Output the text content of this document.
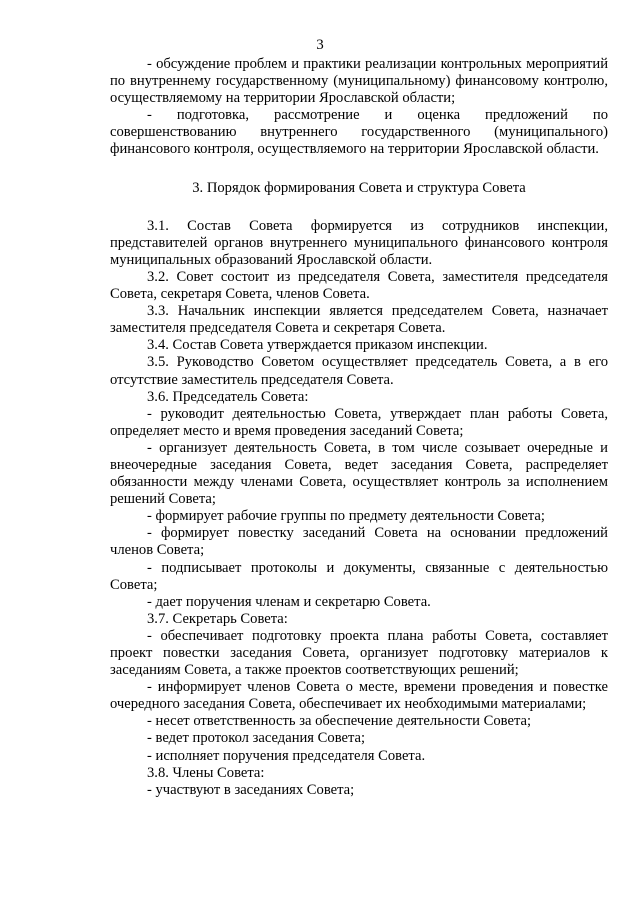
3

- обсуждение проблем и практики реализации контрольных мероприятий по внутреннему государственному (муниципальному) финансовому контролю, осуществляемому на территории Ярославской области;

- подготовка, рассмотрение и оценка предложений по совершенствованию внутреннего государственного (муниципального) финансового контроля, осуществляемого на территории Ярославской области.

3. Порядок формирования Совета и структура Совета

3.1. Состав Совета формируется из сотрудников инспекции, представителей органов внутреннего муниципального финансового контроля муниципальных образований Ярославской области.

3.2. Совет состоит из председателя Совета, заместителя председателя Совета, секретаря Совета, членов Совета.

3.3. Начальник инспекции является председателем Совета, назначает заместителя председателя Совета и секретаря Совета.

3.4. Состав Совета утверждается приказом инспекции.

3.5. Руководство Советом осуществляет председатель Совета, а в его отсутствие заместитель председателя Совета.

3.6. Председатель Совета:

- руководит деятельностью Совета, утверждает план работы Совета, определяет место и время проведения заседаний Совета;

- организует деятельность Совета, в том числе созывает очередные и внеочередные заседания Совета, ведет заседания Совета, распределяет обязанности между членами Совета, осуществляет контроль за исполнением решений Совета;

- формирует рабочие группы по предмету деятельности Совета;

- формирует повестку заседаний Совета на основании предложений членов Совета;

- подписывает протоколы и документы, связанные с деятельностью Совета;

- дает поручения членам и секретарю Совета.

3.7. Секретарь Совета:

- обеспечивает подготовку проекта плана работы Совета, составляет проект повестки заседания Совета, организует подготовку материалов к заседаниям Совета, а также проектов соответствующих решений;

- информирует членов Совета о месте, времени проведения и повестке очередного заседания Совета, обеспечивает их необходимыми материалами;

- несет ответственность за обеспечение деятельности Совета;

- ведет протокол заседания Совета;

- исполняет поручения председателя Совета.

3.8. Члены Совета:

- участвуют в заседаниях Совета;
